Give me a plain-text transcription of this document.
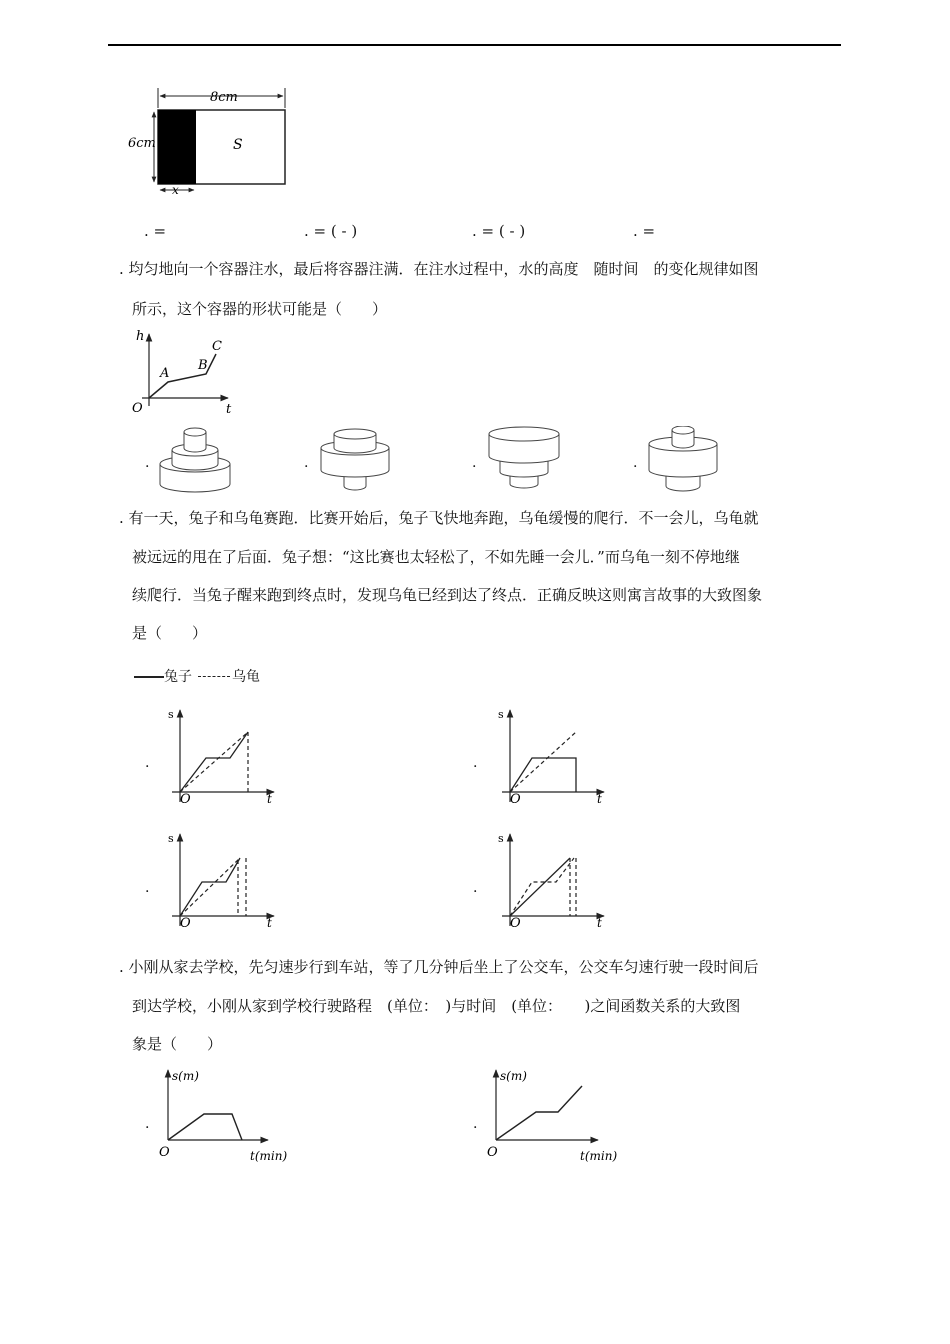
8cm
6cm	S
x
. =	. = ( - )	. = ( - )	. =
. 均匀地向一个容器注水，最后将容器注满．在注水过程中，水的高度　随时间　的变化规律如图
所示，这个容器的形状可能是（　　）
h
t
O
A
B
C
.	.	.	.
. 有一天，兔子和乌龟赛跑．比赛开始后，兔子飞快地奔跑，乌龟缓慢的爬行．不一会儿，乌龟就
被远远的甩在了后面．兔子想：“这比赛也太轻松了，不如先睡一会儿．”而乌龟一刻不停地继
续爬行．当兔子醒来跑到终点时，发现乌龟已经到达了终点．正确反映这则寓言故事的大致图象
是（　　）
兔子	乌龟
.
s
t
O
.
s
t
O
.
s
t
O
.
s
t
O
. 小刚从家去学校，先匀速步行到车站，等了几分钟后坐上了公交车，公交车匀速行驶一段时间后
到达学校，小刚从家到学校行驶路程　(单位：　)与时间　(单位：　　)之间函数关系的大致图
象是（　　）
.
s(m)
t(min)
O
.
s(m)
t(min)
O
